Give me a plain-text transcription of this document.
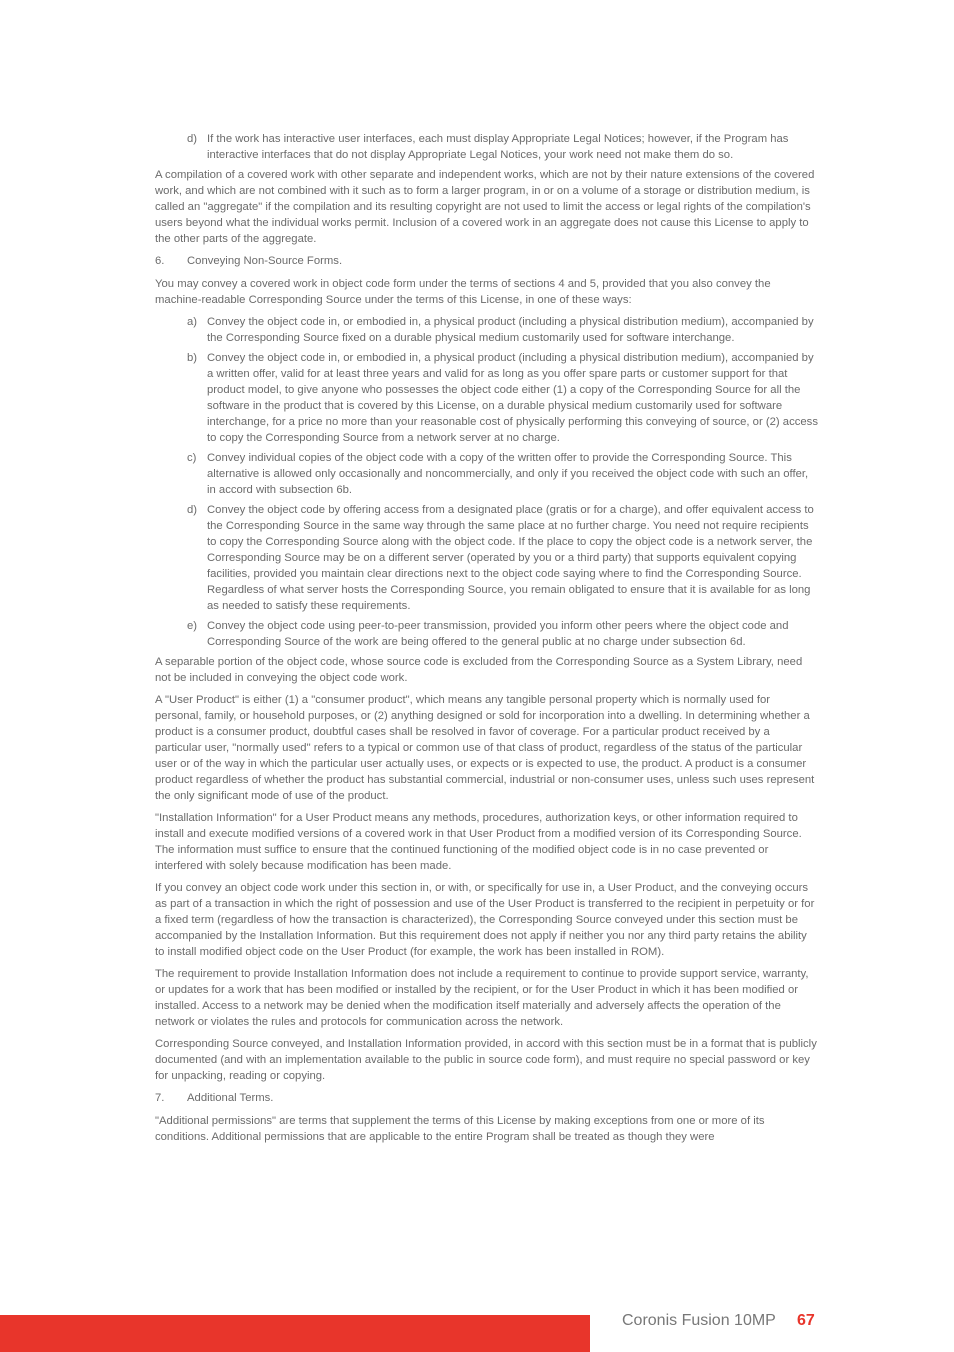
d) If the work has interactive user interfaces, each must display Appropriate Legal Notices; however, if the Program has interactive interfaces that do not display Appropriate Legal Notices, your work need not make them do so.

A compilation of a covered work with other separate and independent works, which are not by their nature extensions of the covered work, and which are not combined with it such as to form a larger program, in or on a volume of a storage or distribution medium, is called an "aggregate" if the compilation and its resulting copyright are not used to limit the access or legal rights of the compilation's users beyond what the individual works permit. Inclusion of a covered work in an aggregate does not cause this License to apply to the other parts of the aggregate.

6. Conveying Non-Source Forms.

You may convey a covered work in object code form under the terms of sections 4 and 5, provided that you also convey the machine-readable Corresponding Source under the terms of this License, in one of these ways:

a) Convey the object code in, or embodied in, a physical product (including a physical distribution medium), accompanied by the Corresponding Source fixed on a durable physical medium customarily used for software interchange.
b) Convey the object code in, or embodied in, a physical product (including a physical distribution medium), accompanied by a written offer, valid for at least three years and valid for as long as you offer spare parts or customer support for that product model, to give anyone who possesses the object code either (1) a copy of the Corresponding Source for all the software in the product that is covered by this License, on a durable physical medium customarily used for software interchange, for a price no more than your reasonable cost of physically performing this conveying of source, or (2) access to copy the Corresponding Source from a network server at no charge.
c) Convey individual copies of the object code with a copy of the written offer to provide the Corresponding Source. This alternative is allowed only occasionally and noncommercially, and only if you received the object code with such an offer, in accord with subsection 6b.
d) Convey the object code by offering access from a designated place (gratis or for a charge), and offer equivalent access to the Corresponding Source in the same way through the same place at no further charge. You need not require recipients to copy the Corresponding Source along with the object code. If the place to copy the object code is a network server, the Corresponding Source may be on a different server (operated by you or a third party) that supports equivalent copying facilities, provided you maintain clear directions next to the object code saying where to find the Corresponding Source. Regardless of what server hosts the Corresponding Source, you remain obligated to ensure that it is available for as long as needed to satisfy these requirements.
e) Convey the object code using peer-to-peer transmission, provided you inform other peers where the object code and Corresponding Source of the work are being offered to the general public at no charge under subsection 6d.

A separable portion of the object code, whose source code is excluded from the Corresponding Source as a System Library, need not be included in conveying the object code work.

A "User Product" is either (1) a "consumer product", which means any tangible personal property which is normally used for personal, family, or household purposes, or (2) anything designed or sold for incorporation into a dwelling. In determining whether a product is a consumer product, doubtful cases shall be resolved in favor of coverage. For a particular product received by a particular user, "normally used" refers to a typical or common use of that class of product, regardless of the status of the particular user or of the way in which the particular user actually uses, or expects or is expected to use, the product. A product is a consumer product regardless of whether the product has substantial commercial, industrial or non-consumer uses, unless such uses represent the only significant mode of use of the product.

"Installation Information" for a User Product means any methods, procedures, authorization keys, or other information required to install and execute modified versions of a covered work in that User Product from a modified version of its Corresponding Source. The information must suffice to ensure that the continued functioning of the modified object code is in no case prevented or interfered with solely because modification has been made.

If you convey an object code work under this section in, or with, or specifically for use in, a User Product, and the conveying occurs as part of a transaction in which the right of possession and use of the User Product is transferred to the recipient in perpetuity or for a fixed term (regardless of how the transaction is characterized), the Corresponding Source conveyed under this section must be accompanied by the Installation Information. But this requirement does not apply if neither you nor any third party retains the ability to install modified object code on the User Product (for example, the work has been installed in ROM).

The requirement to provide Installation Information does not include a requirement to continue to provide support service, warranty, or updates for a work that has been modified or installed by the recipient, or for the User Product in which it has been modified or installed. Access to a network may be denied when the modification itself materially and adversely affects the operation of the network or violates the rules and protocols for communication across the network.

Corresponding Source conveyed, and Installation Information provided, in accord with this section must be in a format that is publicly documented (and with an implementation available to the public in source code form), and must require no special password or key for unpacking, reading or copying.

7. Additional Terms.

"Additional permissions" are terms that supplement the terms of this License by making exceptions from one or more of its conditions. Additional permissions that are applicable to the entire Program shall be treated as though they were

Coronis Fusion 10MP 67
